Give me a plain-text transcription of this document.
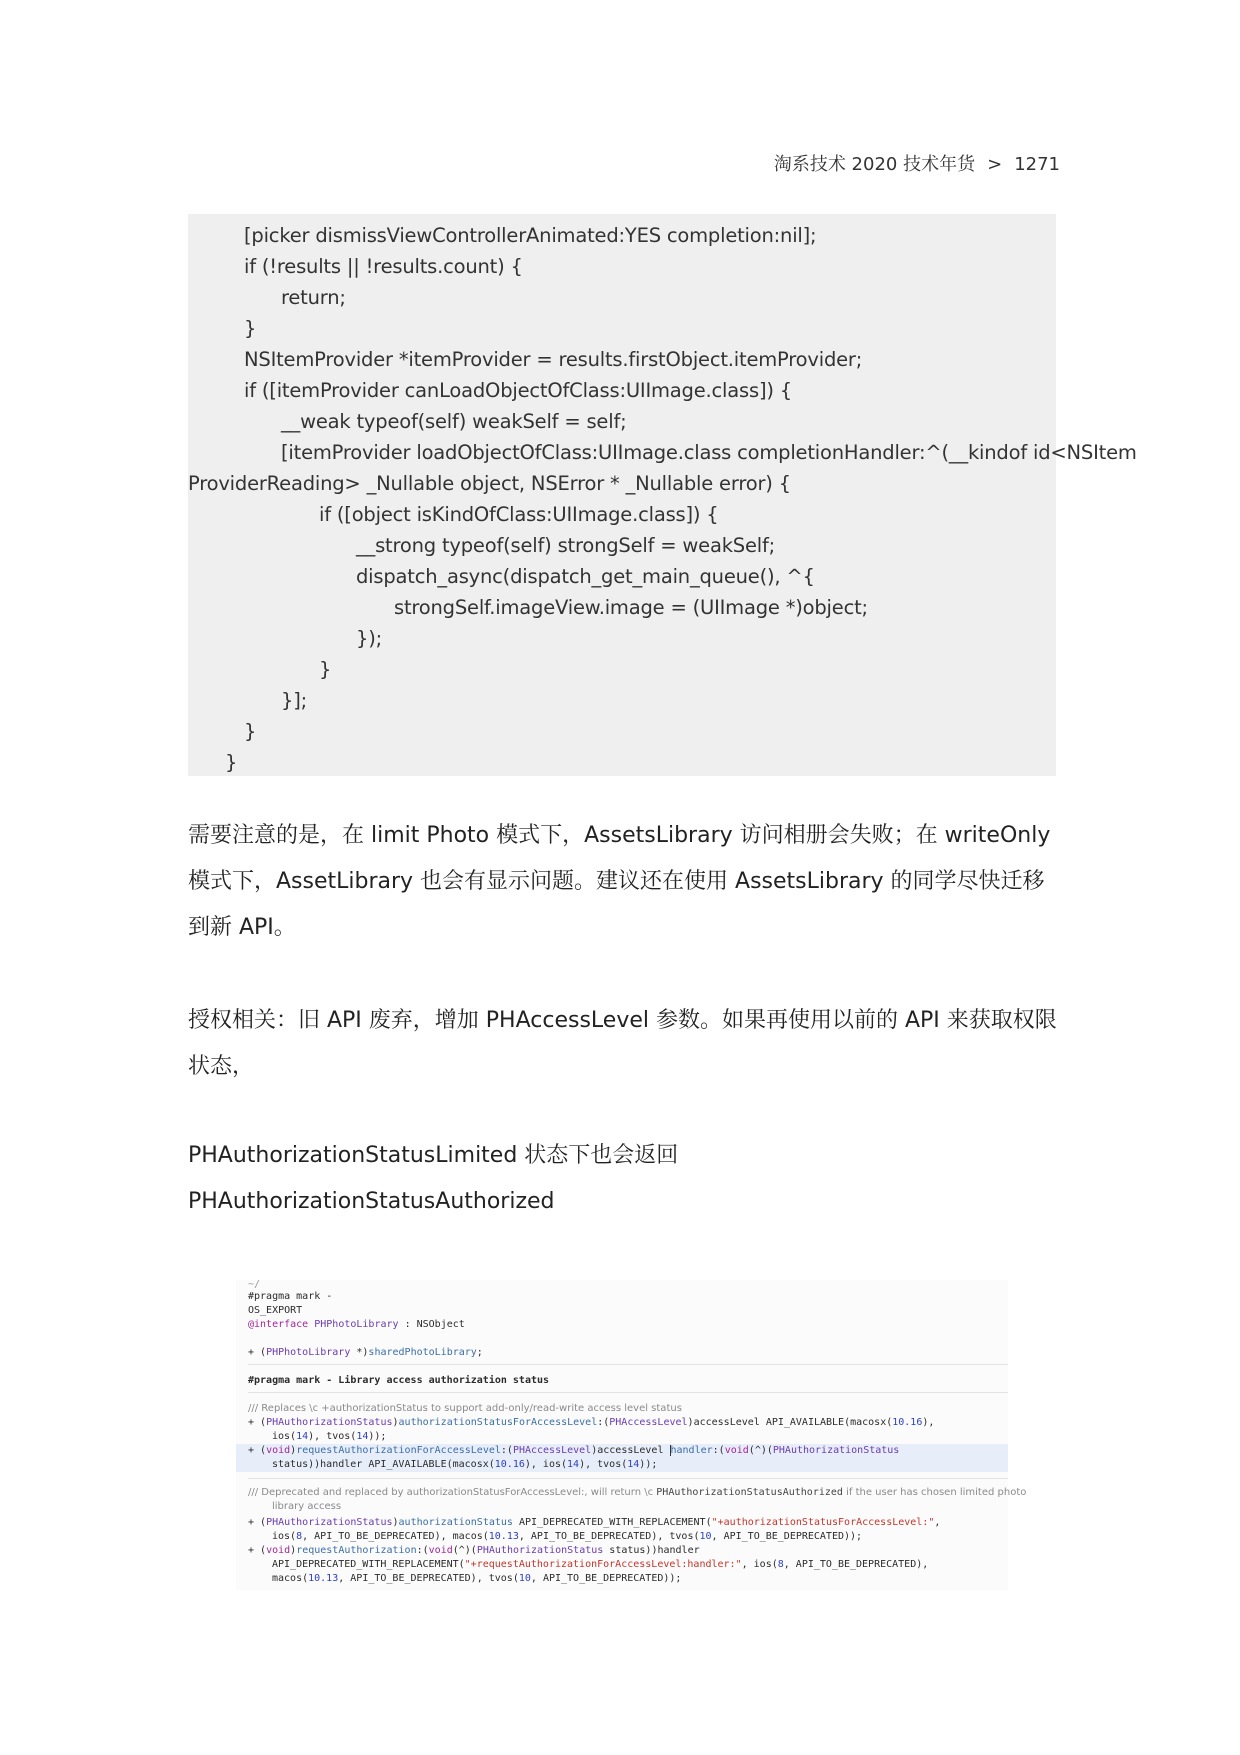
淘系技术 2020 技术年货 > 1271
[picker dismissViewControllerAnimated:YES completion:nil];
if (!results || !results.count) {
return;
}
NSItemProvider *itemProvider = results.firstObject.itemProvider;
if ([itemProvider canLoadObjectOfClass:UIImage.class]) {
__weak typeof(self) weakSelf = self;
[itemProvider loadObjectOfClass:UIImage.class completionHandler:^(__kindof id<NSItem
ProviderReading> _Nullable object, NSError * _Nullable error) {
if ([object isKindOfClass:UIImage.class]) {
__strong typeof(self) strongSelf = weakSelf;
dispatch_async(dispatch_get_main_queue(), ^{
strongSelf.imageView.image = (UIImage *)object;
});
}
}];
}
}
需要注意的是，在 limit Photo 模式下，AssetsLibrary 访问相册会失败；在 writeOnly 模式下，AssetLibrary 也会有显示问题。建议还在使用 AssetsLibrary 的同学尽快迁移到新 API。
授权相关：旧 API 废弃，增加 PHAccessLevel 参数。如果再使用以前的 API 来获取权限状态，
PHAuthorizationStatusLimited 状态下也会返回
PHAuthorizationStatusAuthorized
~/
#pragma mark -
OS_EXPORT
@interface PHPhotoLibrary : NSObject
+ (PHPhotoLibrary *)sharedPhotoLibrary;
#pragma mark - Library access authorization status
/// Replaces \c +authorizationStatus to support add-only/read-write access level status
+ (PHAuthorizationStatus)authorizationStatusForAccessLevel:(PHAccessLevel)accessLevel API_AVAILABLE(macosx(10.16),
ios(14), tvos(14));
+ (void)requestAuthorizationForAccessLevel:(PHAccessLevel)accessLevel handler:(void(^)(PHAuthorizationStatus
status))handler API_AVAILABLE(macosx(10.16), ios(14), tvos(14));
/// Deprecated and replaced by authorizationStatusForAccessLevel:, will return \c PHAuthorizationStatusAuthorized if the user has chosen limited photo
library access
+ (PHAuthorizationStatus)authorizationStatus API_DEPRECATED_WITH_REPLACEMENT("+authorizationStatusForAccessLevel:",
ios(8, API_TO_BE_DEPRECATED), macos(10.13, API_TO_BE_DEPRECATED), tvos(10, API_TO_BE_DEPRECATED));
+ (void)requestAuthorization:(void(^)(PHAuthorizationStatus status))handler
API_DEPRECATED_WITH_REPLACEMENT("+requestAuthorizationForAccessLevel:handler:", ios(8, API_TO_BE_DEPRECATED),
macos(10.13, API_TO_BE_DEPRECATED), tvos(10, API_TO_BE_DEPRECATED));
